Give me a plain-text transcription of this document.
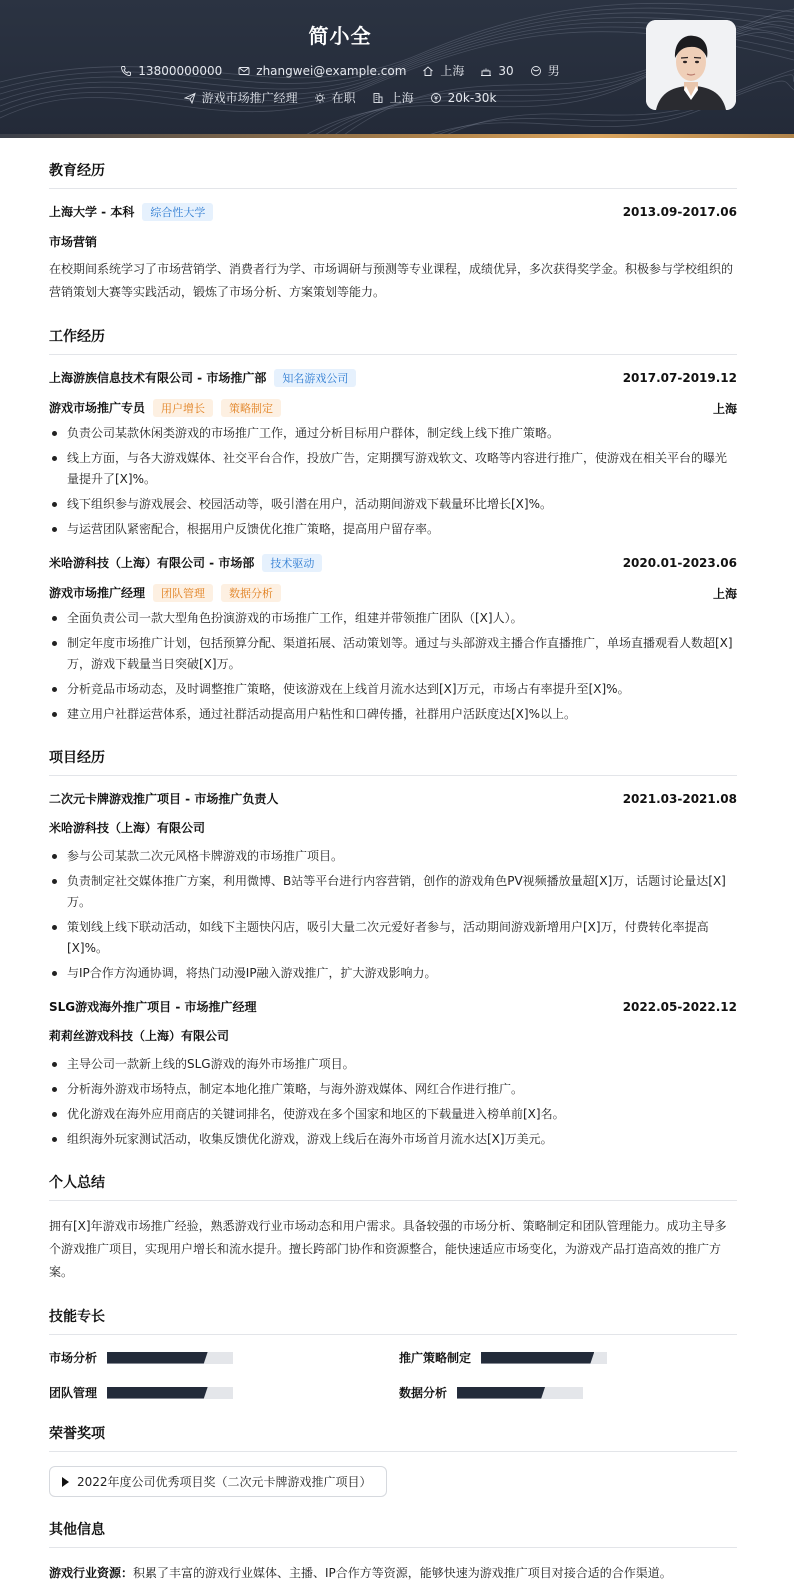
简小全
13800000000	zhangwei@example.com	上海	30	男
游戏市场推广经理	在职	上海	20k-30k
教育经历
上海大学 - 本科 综合性大学	2013.09-2017.06
市场营销

在校期间系统学习了市场营销学、消费者行为学、市场调研与预测等专业课程，成绩优异，多次获得奖学金。积极参与学校组织的营销策划大赛等实践活动，锻炼了市场分析、方案策划等能力。

工作经历
上海游族信息技术有限公司 - 市场推广部 知名游戏公司	2017.07-2019.12
游戏市场推广专员 用户增长 策略制定	上海
负责公司某款休闲类游戏的市场推广工作，通过分析目标用户群体，制定线上线下推广策略。
线上方面，与各大游戏媒体、社交平台合作，投放广告，定期撰写游戏软文、攻略等内容进行推广，使游戏在相关平台的曝光量提升了[X]%。
线下组织参与游戏展会、校园活动等，吸引潜在用户，活动期间游戏下载量环比增长[X]%。
与运营团队紧密配合，根据用户反馈优化推广策略，提高用户留存率。
米哈游科技（上海）有限公司 - 市场部 技术驱动	2020.01-2023.06
游戏市场推广经理 团队管理 数据分析	上海
全面负责公司一款大型角色扮演游戏的市场推广工作，组建并带领推广团队（[X]人）。
制定年度市场推广计划，包括预算分配、渠道拓展、活动策划等。通过与头部游戏主播合作直播推广，单场直播观看人数超[X]万，游戏下载量当日突破[X]万。
分析竞品市场动态，及时调整推广策略，使该游戏在上线首月流水达到[X]万元，市场占有率提升至[X]%。
建立用户社群运营体系，通过社群活动提高用户粘性和口碑传播，社群用户活跃度达[X]%以上。
项目经历
二次元卡牌游戏推广项目 - 市场推广负责人	2021.03-2021.08
米哈游科技（上海）有限公司
参与公司某款二次元风格卡牌游戏的市场推广项目。
负责制定社交媒体推广方案，利用微博、B站等平台进行内容营销，创作的游戏角色PV视频播放量超[X]万，话题讨论量达[X]万。
策划线上线下联动活动，如线下主题快闪店，吸引大量二次元爱好者参与，活动期间游戏新增用户[X]万，付费转化率提高[X]%。
与IP合作方沟通协调，将热门动漫IP融入游戏推广，扩大游戏影响力。
SLG游戏海外推广项目 - 市场推广经理	2022.05-2022.12
莉莉丝游戏科技（上海）有限公司
主导公司一款新上线的SLG游戏的海外市场推广项目。
分析海外游戏市场特点，制定本地化推广策略，与海外游戏媒体、网红合作进行推广。
优化游戏在海外应用商店的关键词排名，使游戏在多个国家和地区的下载量进入榜单前[X]名。
组织海外玩家测试活动，收集反馈优化游戏，游戏上线后在海外市场首月流水达[X]万美元。
个人总结

拥有[X]年游戏市场推广经验，熟悉游戏行业市场动态和用户需求。具备较强的市场分析、策略制定和团队管理能力。成功主导多个游戏推广项目，实现用户增长和流水提升。擅长跨部门协作和资源整合，能快速适应市场变化，为游戏产品打造高效的推广方案。

技能专长
市场分析	推广策略制定
团队管理	数据分析
荣誉奖项
2022年度公司优秀项目奖（二次元卡牌游戏推广项目）
其他信息

游戏行业资源：积累了丰富的游戏行业媒体、主播、IP合作方等资源，能够快速为游戏推广项目对接合适的合作渠道。
